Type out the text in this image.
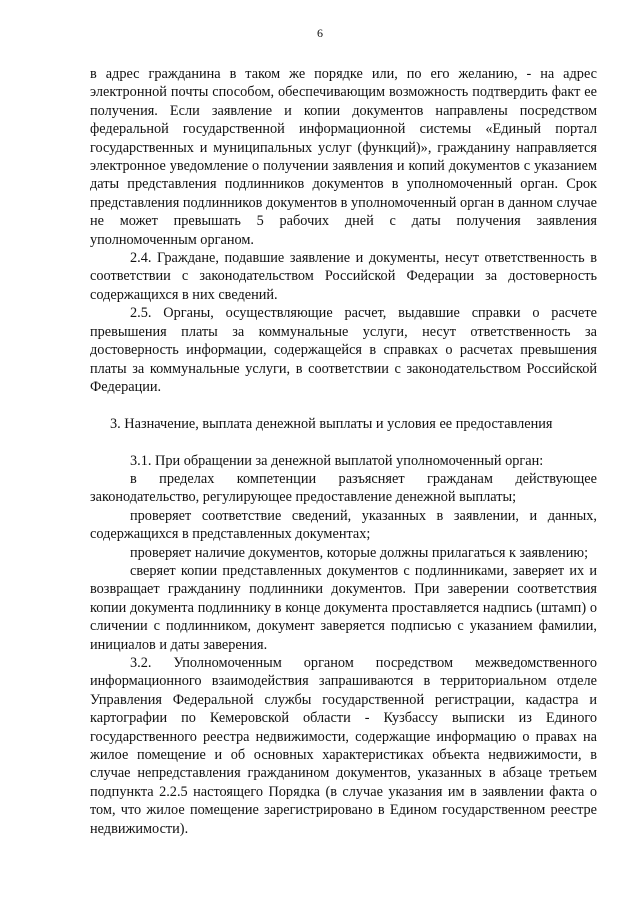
6

в адрес гражданина в таком же порядке или, по его желанию, - на адрес электронной почты способом, обеспечивающим возможность подтвердить факт ее получения. Если заявление и копии документов направлены посредством федеральной государственной информационной системы «Единый портал государственных и муниципальных услуг (функций)», гражданину направляется электронное уведомление о получении заявления и копий документов с указанием даты представления подлинников документов в уполномоченный орган. Срок представления подлинников документов в уполномоченный орган в данном случае не может превышать 5 рабочих дней с даты получения заявления уполномоченным органом.

2.4. Граждане, подавшие заявление и документы, несут ответственность в соответствии с законодательством Российской Федерации за достоверность содержащихся в них сведений.

2.5. Органы, осуществляющие расчет, выдавшие справки о расчете превышения платы за коммунальные услуги, несут ответственность за достоверность информации, содержащейся в справках о расчетах превышения платы за коммунальные услуги, в соответствии с законодательством Российской Федерации.

3. Назначение, выплата денежной выплаты и условия ее предоставления

3.1. При обращении за денежной выплатой уполномоченный орган:

в пределах компетенции разъясняет гражданам действующее законодательство, регулирующее предоставление денежной выплаты;

проверяет соответствие сведений, указанных в заявлении, и данных, содержащихся в представленных документах;

проверяет наличие документов, которые должны прилагаться к заявлению;

сверяет копии представленных документов с подлинниками, заверяет их и возвращает гражданину подлинники документов. При заверении соответствия копии документа подлиннику в конце документа проставляется надпись (штамп) о сличении с подлинником, документ заверяется подписью с указанием фамилии, инициалов и даты заверения.

3.2. Уполномоченным органом посредством межведомственного информационного взаимодействия запрашиваются в территориальном отделе Управления Федеральной службы государственной регистрации, кадастра и картографии по Кемеровской области - Кузбассу выписки из Единого государственного реестра недвижимости, содержащие информацию о правах на жилое помещение и об основных характеристиках объекта недвижимости, в случае непредставления гражданином документов, указанных в абзаце третьем подпункта 2.2.5 настоящего Порядка (в случае указания им в заявлении факта о том, что жилое помещение зарегистрировано в Едином государственном реестре недвижимости).
